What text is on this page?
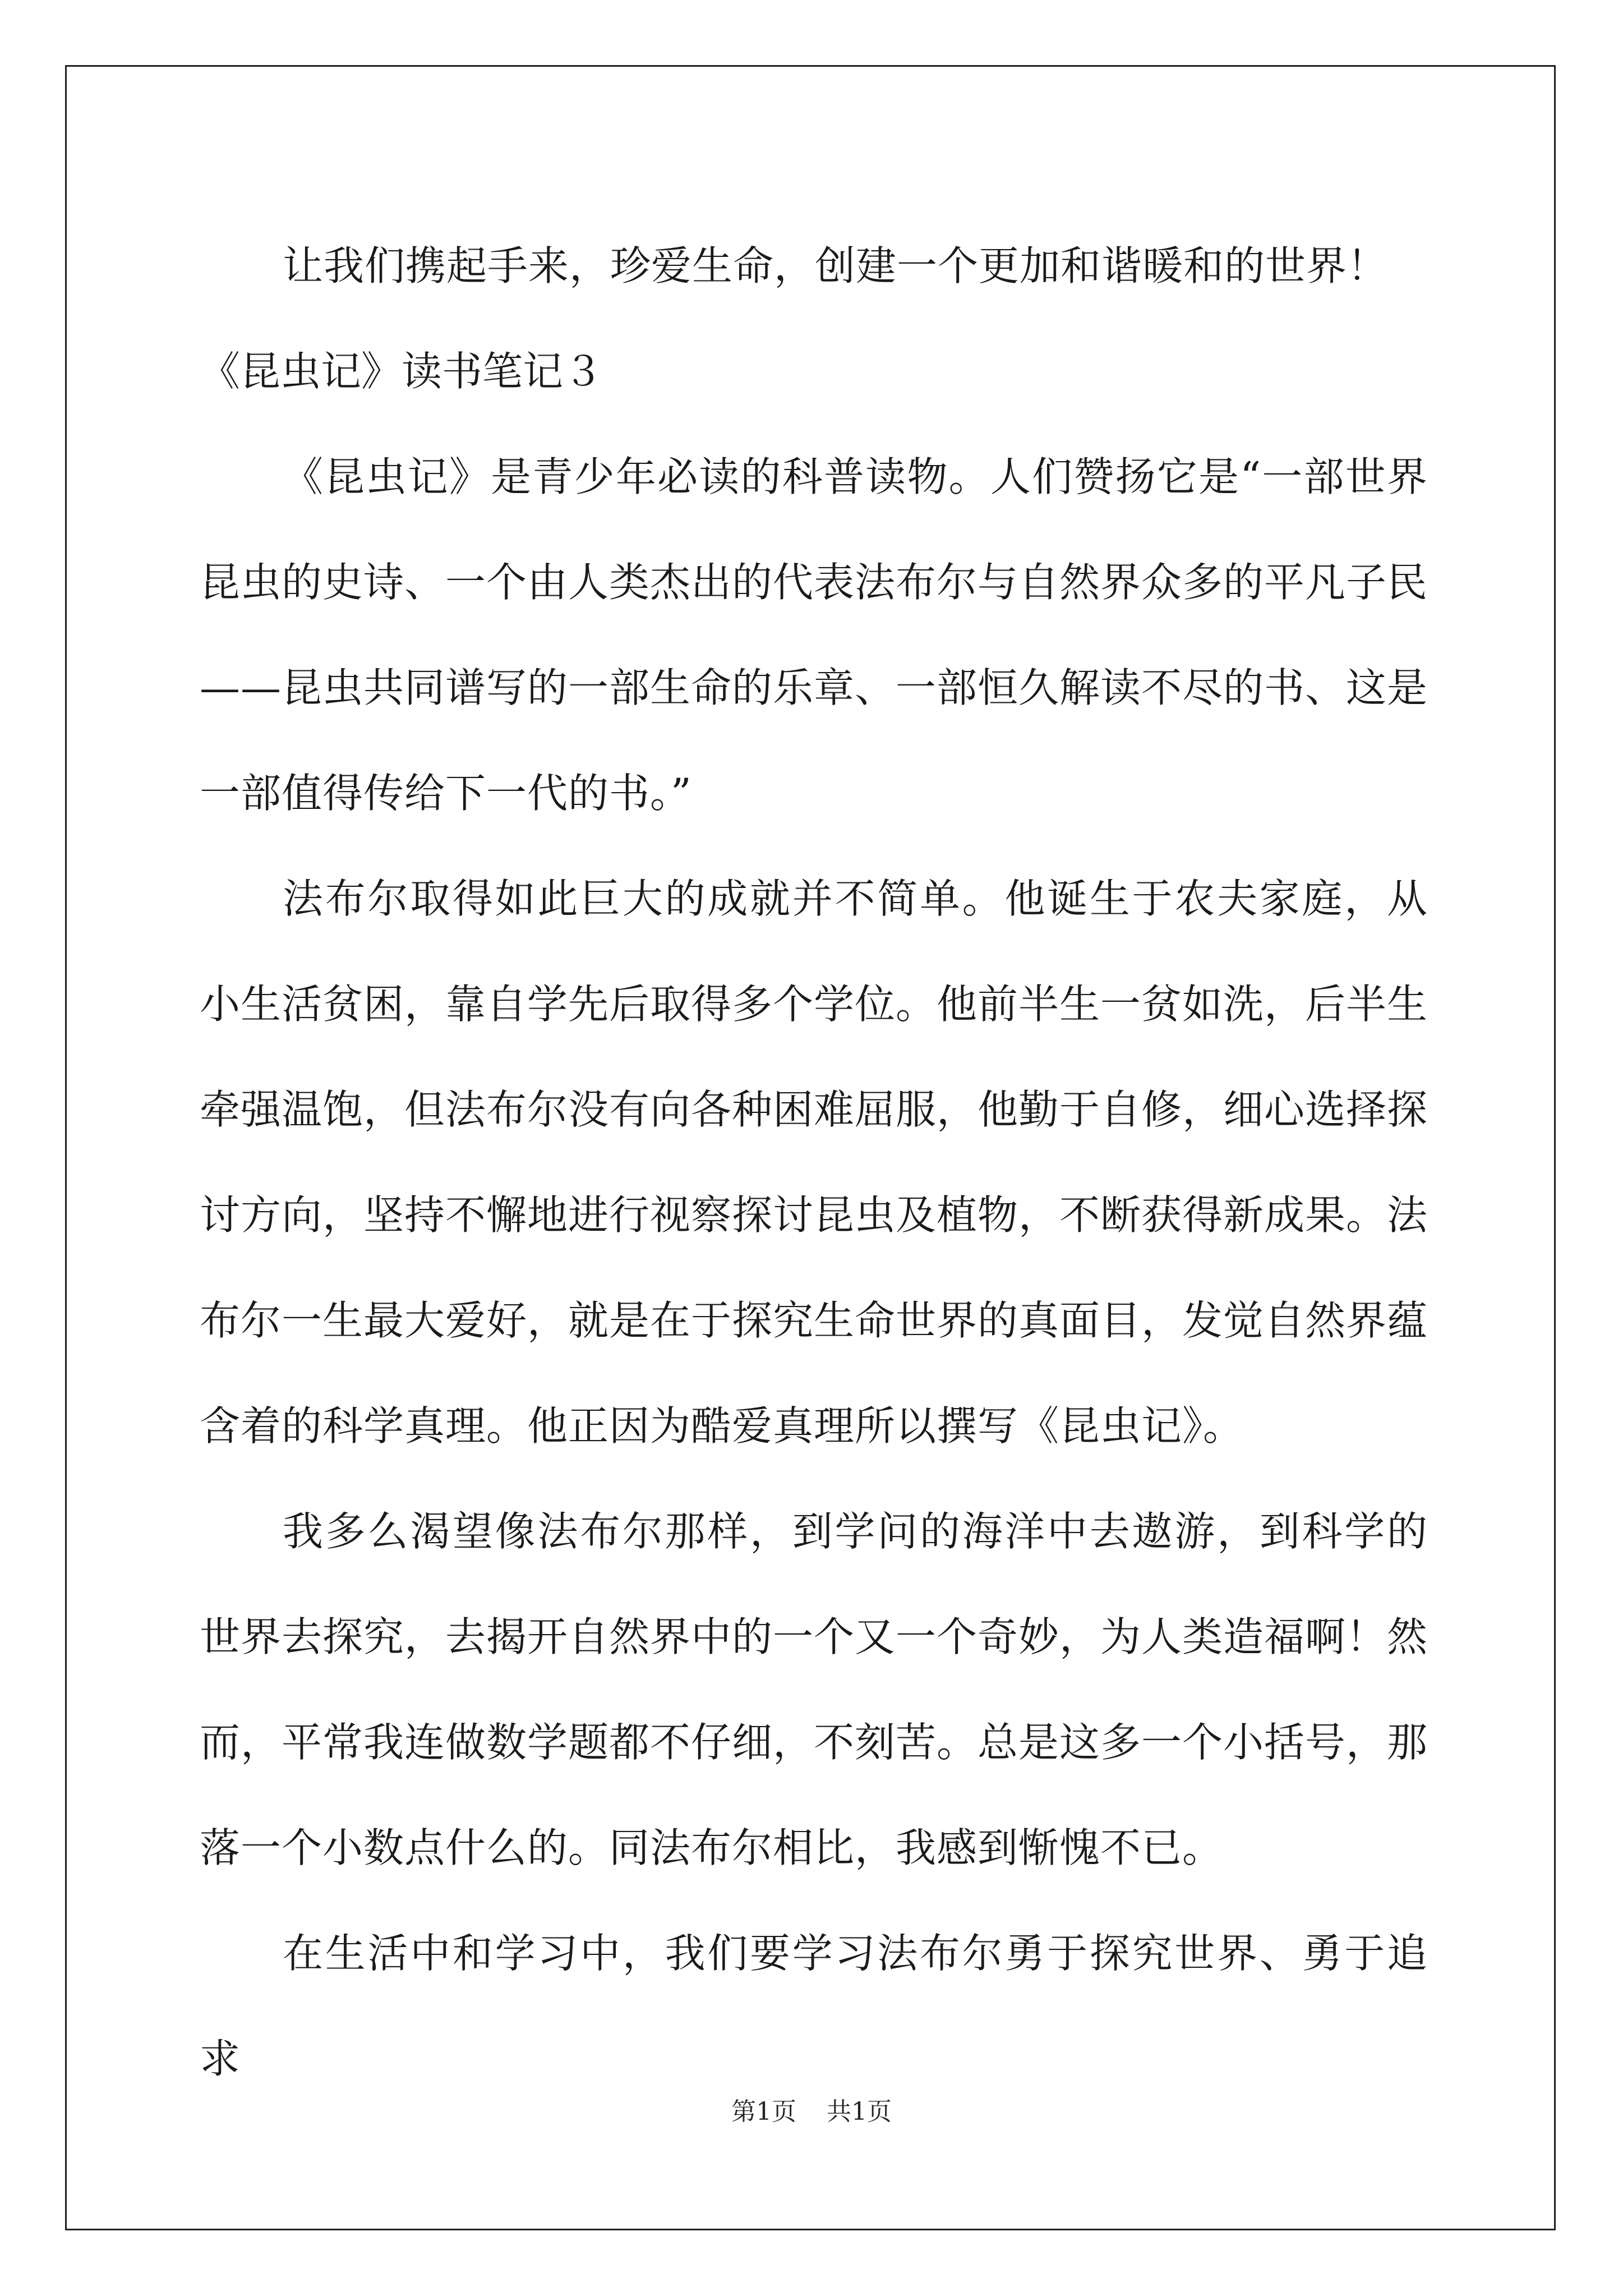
让我们携起手来，珍爱生命，创建一个更加和谐暖和的世界！

《昆虫记》读书笔记３

《昆虫记》是青少年必读的科普读物。人们赞扬它是“一部世界昆虫的史诗、一个由人类杰出的代表法布尔与自然界众多的平凡子民——昆虫共同谱写的一部生命的乐章、一部恒久解读不尽的书、这是一部值得传给下一代的书。”

法布尔取得如此巨大的成就并不简单。他诞生于农夫家庭，从小生活贫困，靠自学先后取得多个学位。他前半生一贫如洗，后半生牵强温饱，但法布尔没有向各种困难屈服，他勤于自修，细心选择探讨方向，坚持不懈地进行视察探讨昆虫及植物，不断获得新成果。法布尔一生最大爱好，就是在于探究生命世界的真面目，发觉自然界蕴含着的科学真理。他正因为酷爱真理所以撰写《昆虫记》。

我多么渴望像法布尔那样，到学问的海洋中去遨游，到科学的世界去探究，去揭开自然界中的一个又一个奇妙，为人类造福啊！然而，平常我连做数学题都不仔细，不刻苦。总是这多一个小括号，那落一个小数点什么的。同法布尔相比，我感到惭愧不已。

在生活中和学习中，我们要学习法布尔勇于探究世界、勇于追求

第1页 共1页
